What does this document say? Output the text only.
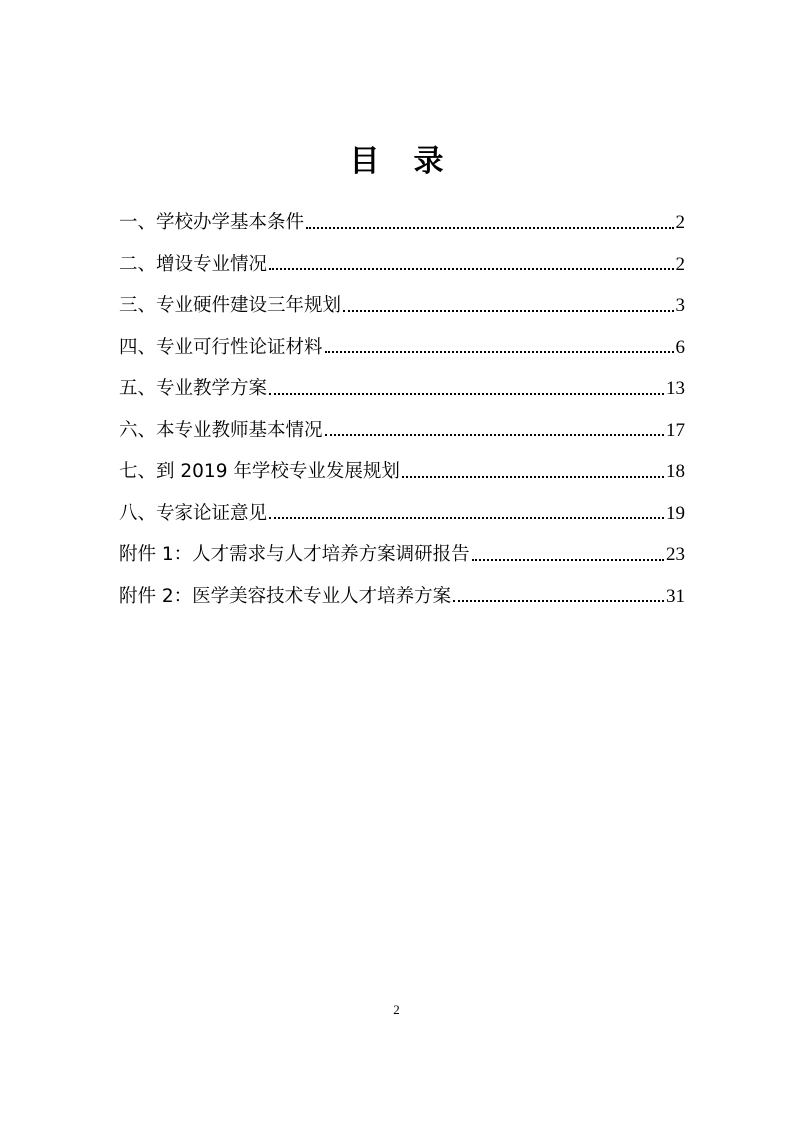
目录
一、学校办学基本条件	2
二、增设专业情况	2
三、专业硬件建设三年规划	3
四、专业可行性论证材料	6
五、专业教学方案	13
六、本专业教师基本情况	17
七、到 2019 年学校专业发展规划	18
八、专家论证意见	19
附件 1：人才需求与人才培养方案调研报告	23
附件 2：医学美容技术专业人才培养方案	31
2
